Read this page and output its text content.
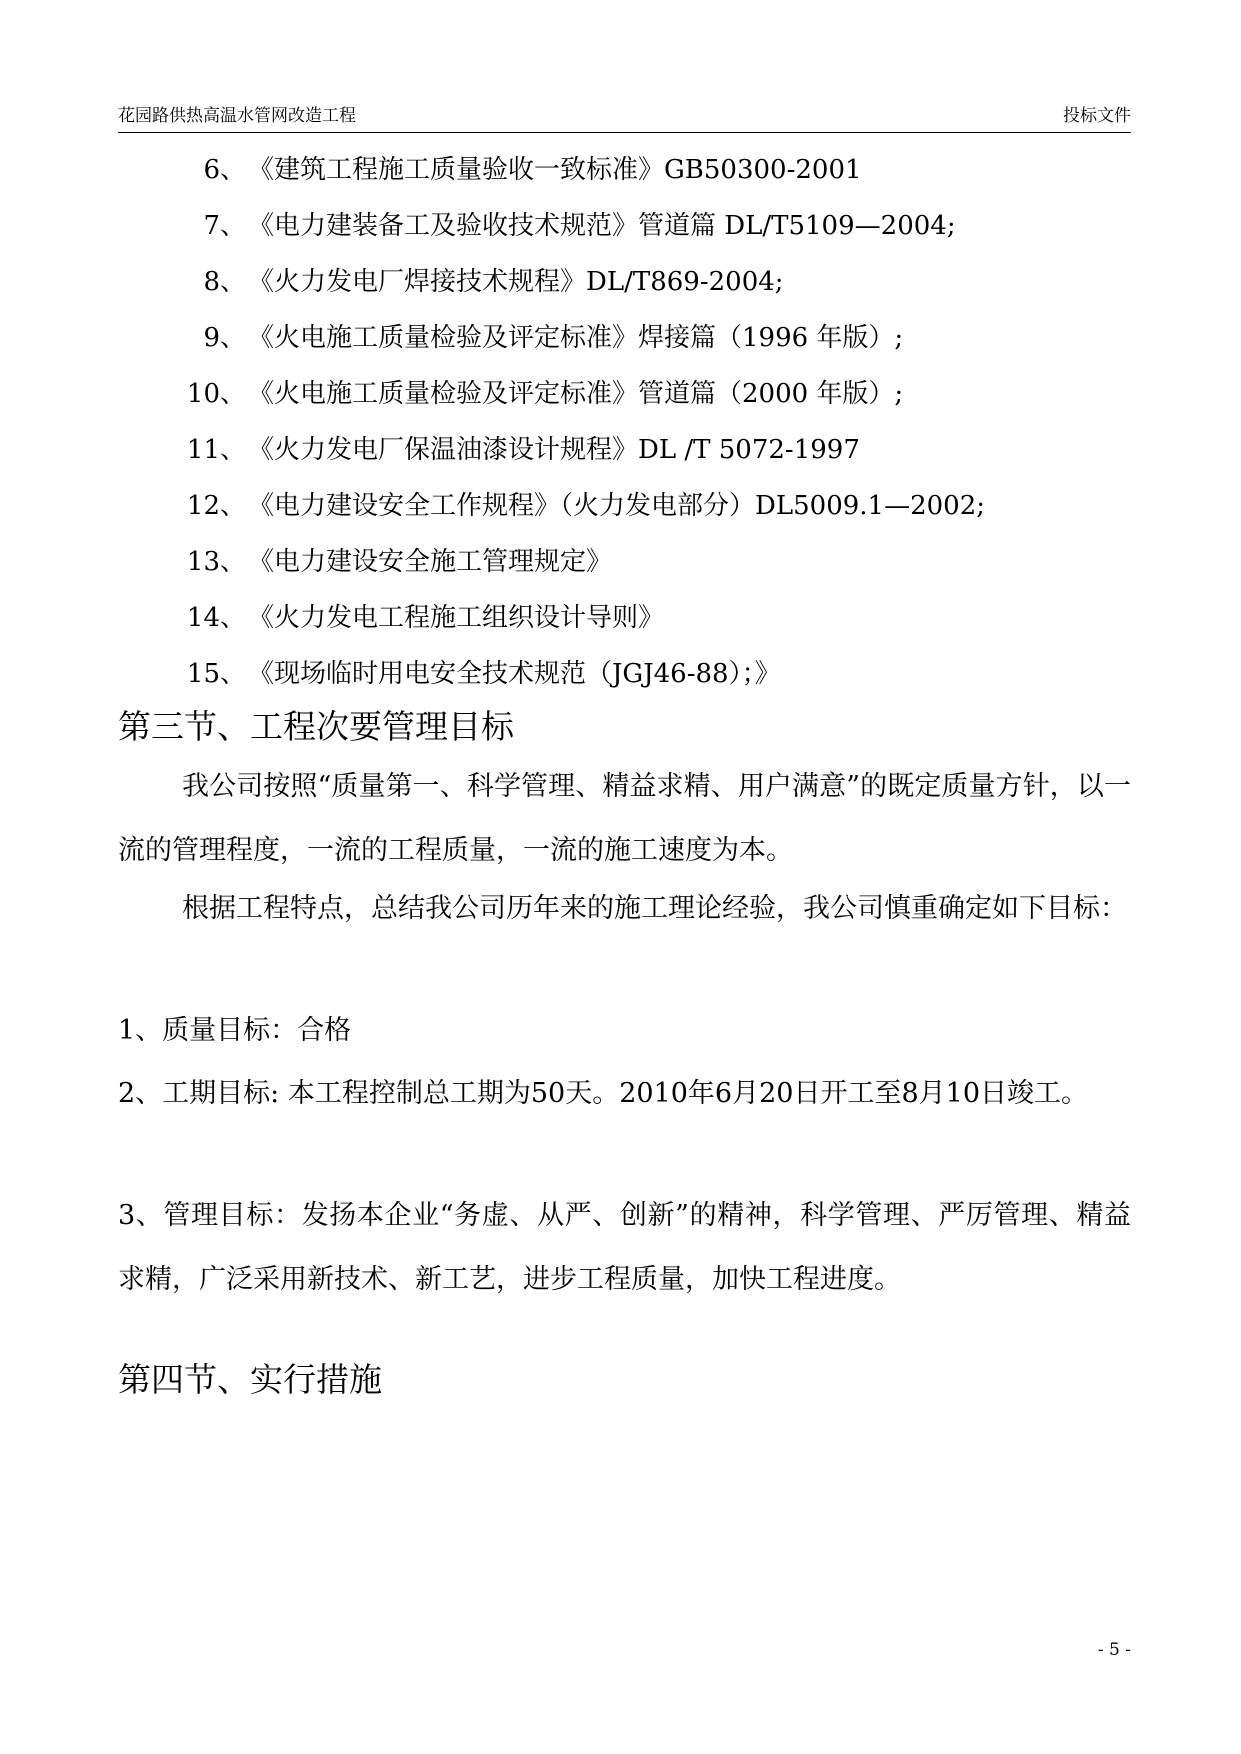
花园路供热高温水管网改造工程	投标文件
6、《建筑工程施工质量验收一致标准》GB50300-2001
7、《电力建装备工及验收技术规范》管道篇 DL/T5109—2004;
8、《火力发电厂焊接技术规程》DL/T869-2004;
9、《火电施工质量检验及评定标准》焊接篇（1996 年版）;
10、《火电施工质量检验及评定标准》管道篇（2000 年版）;
11、《火力发电厂保温油漆设计规程》DL /T 5072-1997
12、《电力建设安全工作规程》（火力发电部分）DL5009.1—2002;
13、《电力建设安全施工管理规定》
14、《火力发电工程施工组织设计导则》
15、《现场临时用电安全技术规范（JGJ46-88）；》
第三节、工程次要管理目标
我公司按照“质量第一、科学管理、精益求精、用户满意”的既定质量方针，以一流的管理程度，一流的工程质量，一流的施工速度为本。
根据工程特点，总结我公司历年来的施工理论经验，我公司慎重确定如下目标：
1、质量目标：合格
2、工期目标: 本工程控制总工期为50天。2010年6月20日开工至8月10日竣工。
3、管理目标：发扬本企业“务虚、从严、创新”的精神，科学管理、严厉管理、精益求精，广泛采用新技术、新工艺，进步工程质量，加快工程进度。
第四节、实行措施
- 5 -
